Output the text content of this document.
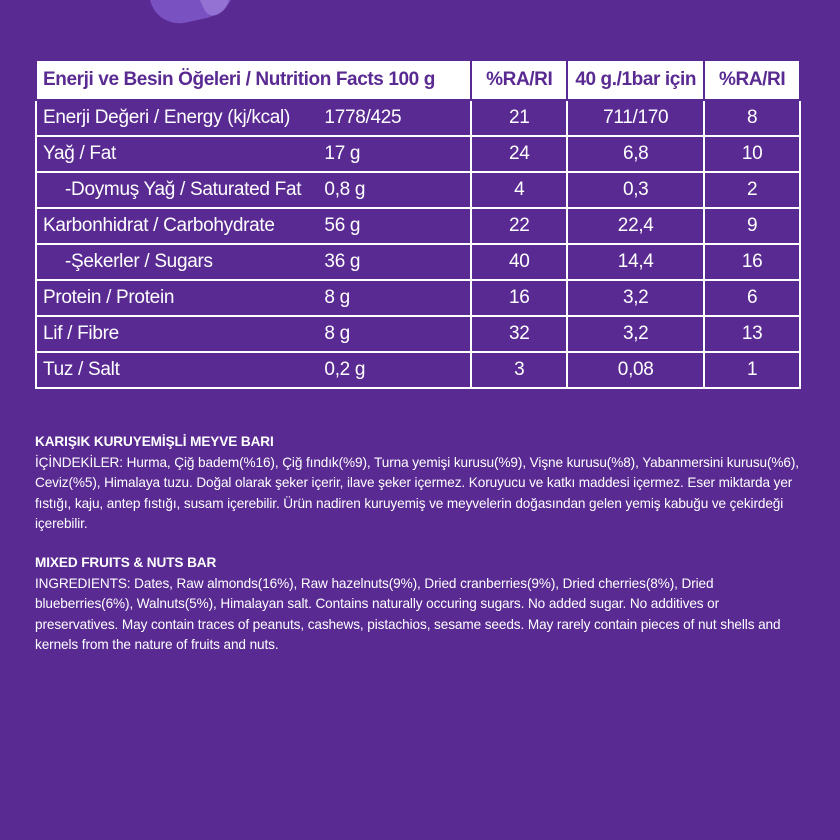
Enerji ve Besin Öğeleri / Nutrition Facts 100 g	%RA/RI	40 g./1bar için	%RA/RI

Enerji Değeri / Energy (kj/kcal) 1778/425	21	711/170	8

Yağ / Fat 17 g	24	6,8	10

-Doymuş Yağ / Saturated Fat 0,8 g	4	0,3	2

Karbonhidrat / Carbohydrate 56 g	22	22,4	9

-Şekerler / Sugars 36 g	40	14,4	16

Protein / Protein 8 g	16	3,2	6

Lif / Fibre 8 g	32	3,2	13

Tuz / Salt 0,2 g	3	0,08	1
KARIŞIK KURUYEMİŞLİ MEYVE BARI
İÇİNDEKİLER: Hurma, Çiğ badem(%16), Çiğ fındık(%9), Turna yemişi kurusu(%9), Vişne kurusu(%8), Yabanmersini kurusu(%6), Ceviz(%5), Himalaya tuzu. Doğal olarak şeker içerir, ilave şeker içermez. Koruyucu ve katkı maddesi içermez. Eser miktarda yer fıstığı, kaju, antep fıstığı, susam içerebilir. Ürün nadiren kuruyemiş ve meyvelerin doğasından gelen yemiş kabuğu ve çekirdeği içerebilir.
MIXED FRUITS & NUTS BAR
INGREDIENTS: Dates, Raw almonds(16%), Raw hazelnuts(9%), Dried cranberries(9%), Dried cherries(8%), Dried blueberries(6%), Walnuts(5%), Himalayan salt. Contains naturally occuring sugars. No added sugar. No additives or preservatives. May contain traces of peanuts, cashews, pistachios, sesame seeds. May rarely contain pieces of nut shells and kernels from the nature of fruits and nuts.
